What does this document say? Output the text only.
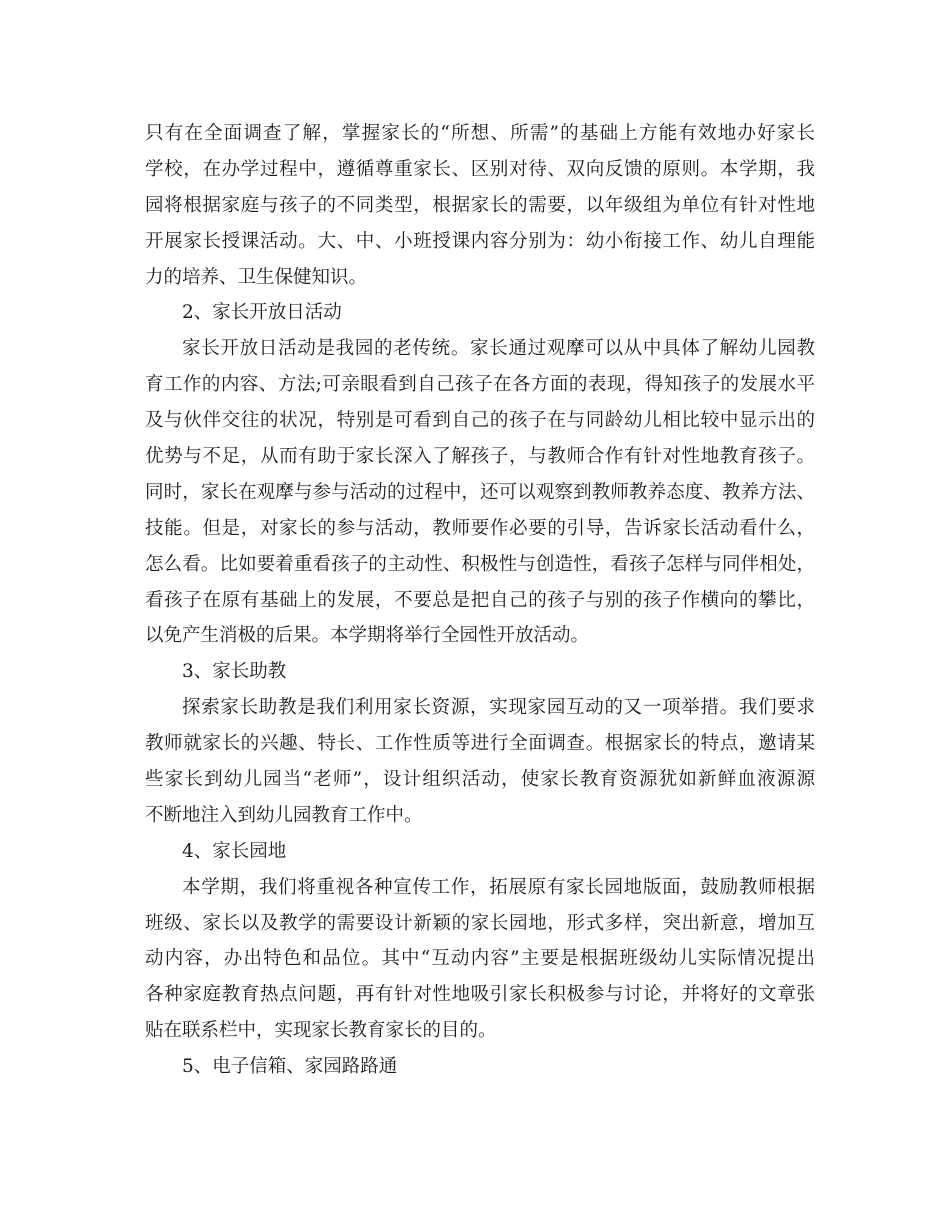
只有在全面调查了解，掌握家长的“所想、所需”的基础上方能有效地办好家长
学校，在办学过程中，遵循尊重家长、区别对待、双向反馈的原则。本学期，我
园将根据家庭与孩子的不同类型，根据家长的需要，以年级组为单位有针对性地
开展家长授课活动。大、中、小班授课内容分别为：幼小衔接工作、幼儿自理能
力的培养、卫生保健知识。
2、家长开放日活动
家长开放日活动是我园的老传统。家长通过观摩可以从中具体了解幼儿园教
育工作的内容、方法;可亲眼看到自己孩子在各方面的表现，得知孩子的发展水平
及与伙伴交往的状况，特别是可看到自己的孩子在与同龄幼儿相比较中显示出的
优势与不足，从而有助于家长深入了解孩子，与教师合作有针对性地教育孩子。
同时，家长在观摩与参与活动的过程中，还可以观察到教师教养态度、教养方法、
技能。但是，对家长的参与活动，教师要作必要的引导，告诉家长活动看什么，
怎么看。比如要着重看孩子的主动性、积极性与创造性，看孩子怎样与同伴相处，
看孩子在原有基础上的发展，不要总是把自己的孩子与别的孩子作横向的攀比，
以免产生消极的后果。本学期将举行全园性开放活动。
3、家长助教
探索家长助教是我们利用家长资源，实现家园互动的又一项举措。我们要求
教师就家长的兴趣、特长、工作性质等进行全面调查。根据家长的特点，邀请某
些家长到幼儿园当“老师”，设计组织活动，使家长教育资源犹如新鲜血液源源
不断地注入到幼儿园教育工作中。
4、家长园地
本学期，我们将重视各种宣传工作，拓展原有家长园地版面，鼓励教师根据
班级、家长以及教学的需要设计新颖的家长园地，形式多样，突出新意，增加互
动内容，办出特色和品位。其中“互动内容”主要是根据班级幼儿实际情况提出
各种家庭教育热点问题，再有针对性地吸引家长积极参与讨论，并将好的文章张
贴在联系栏中，实现家长教育家长的目的。
5、电子信箱、家园路路通
